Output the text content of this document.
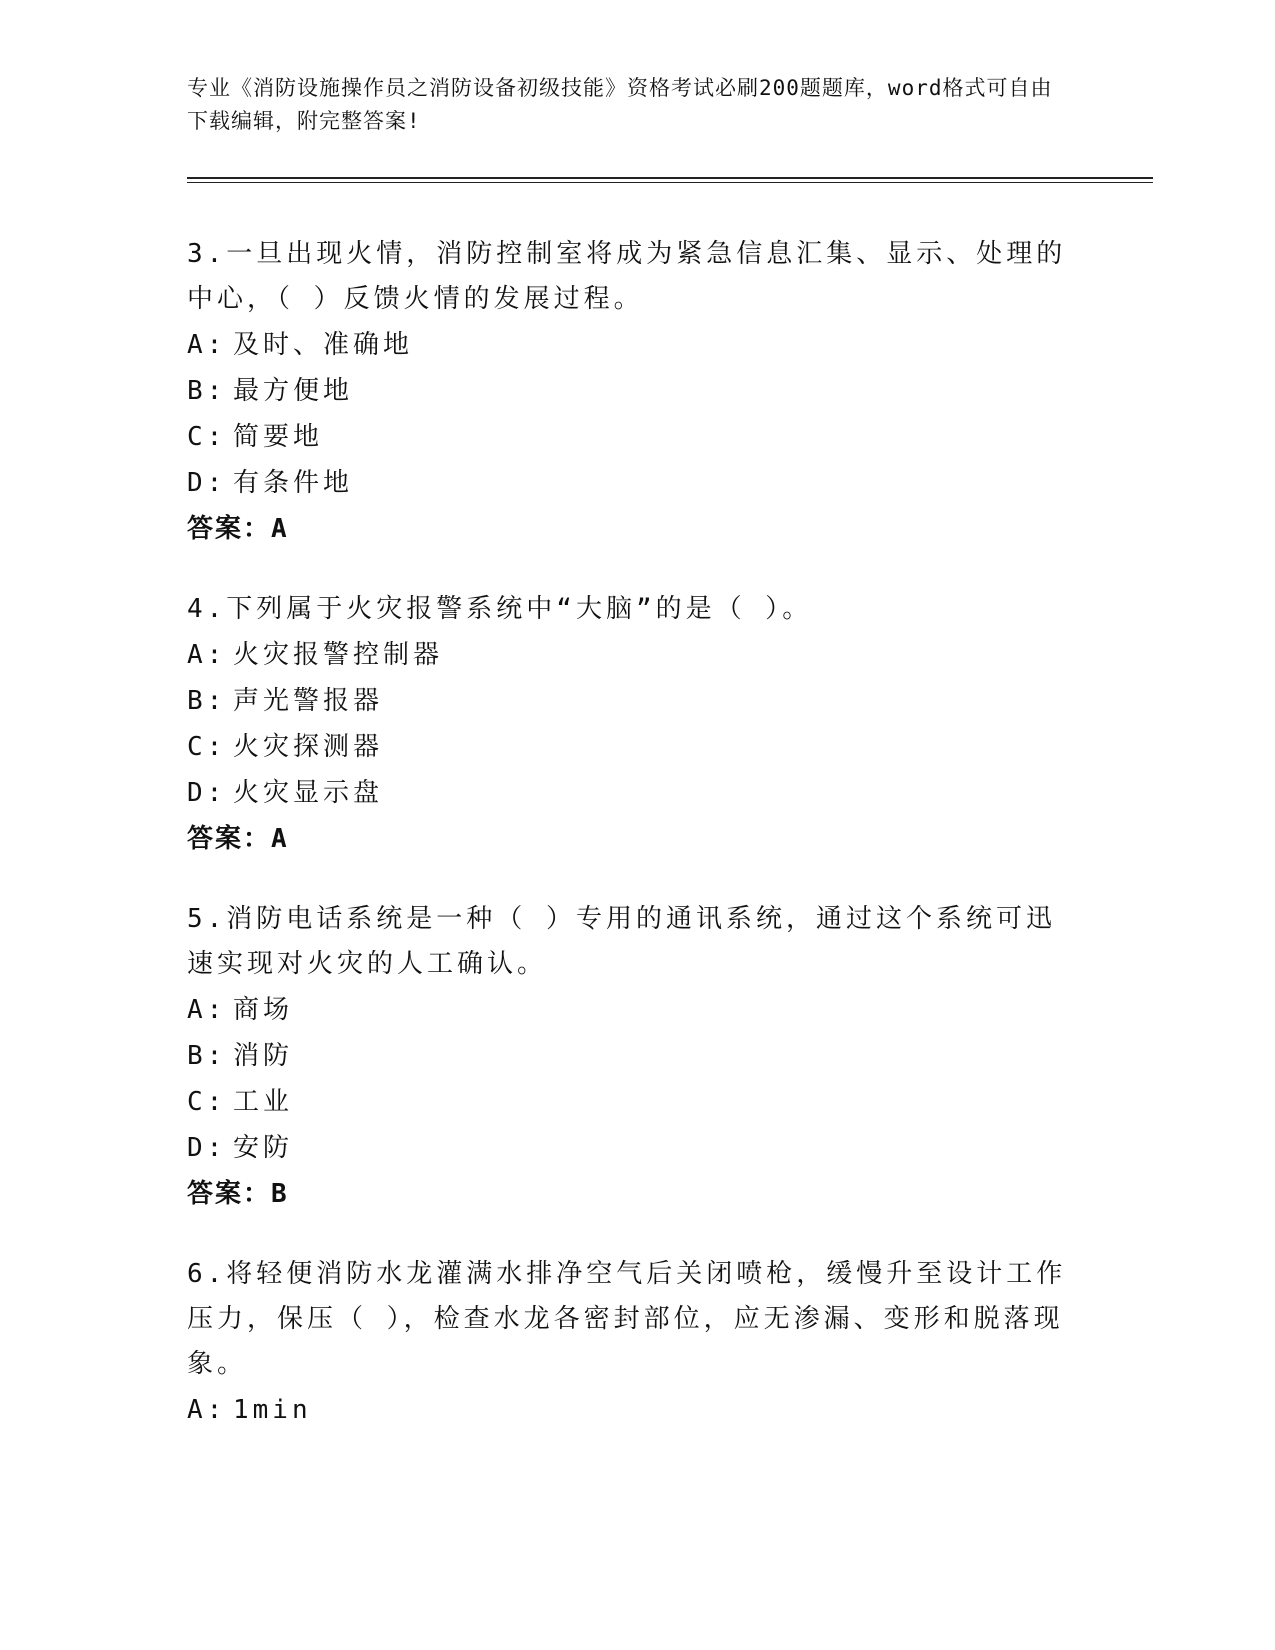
专业《消防设施操作员之消防设备初级技能》资格考试必刷200题题库，word格式可自由下载编辑，附完整答案!

3.一旦出现火情，消防控制室将成为紧急信息汇集、显示、处理的中心，（ ）反馈火情的发展过程。

A: 及时、准确地

B: 最方便地

C: 简要地

D: 有条件地

答案：A

4.下列属于火灾报警系统中“大脑”的是（ ）。

A: 火灾报警控制器

B: 声光警报器

C: 火灾探测器

D: 火灾显示盘

答案：A

5.消防电话系统是一种（ ）专用的通讯系统，通过这个系统可迅速实现对火灾的人工确认。

A: 商场

B: 消防

C: 工业

D: 安防

答案：B

6.将轻便消防水龙灌满水排净空气后关闭喷枪，缓慢升至设计工作压力，保压（ ），检查水龙各密封部位，应无渗漏、变形和脱落现象。

A: 1min
